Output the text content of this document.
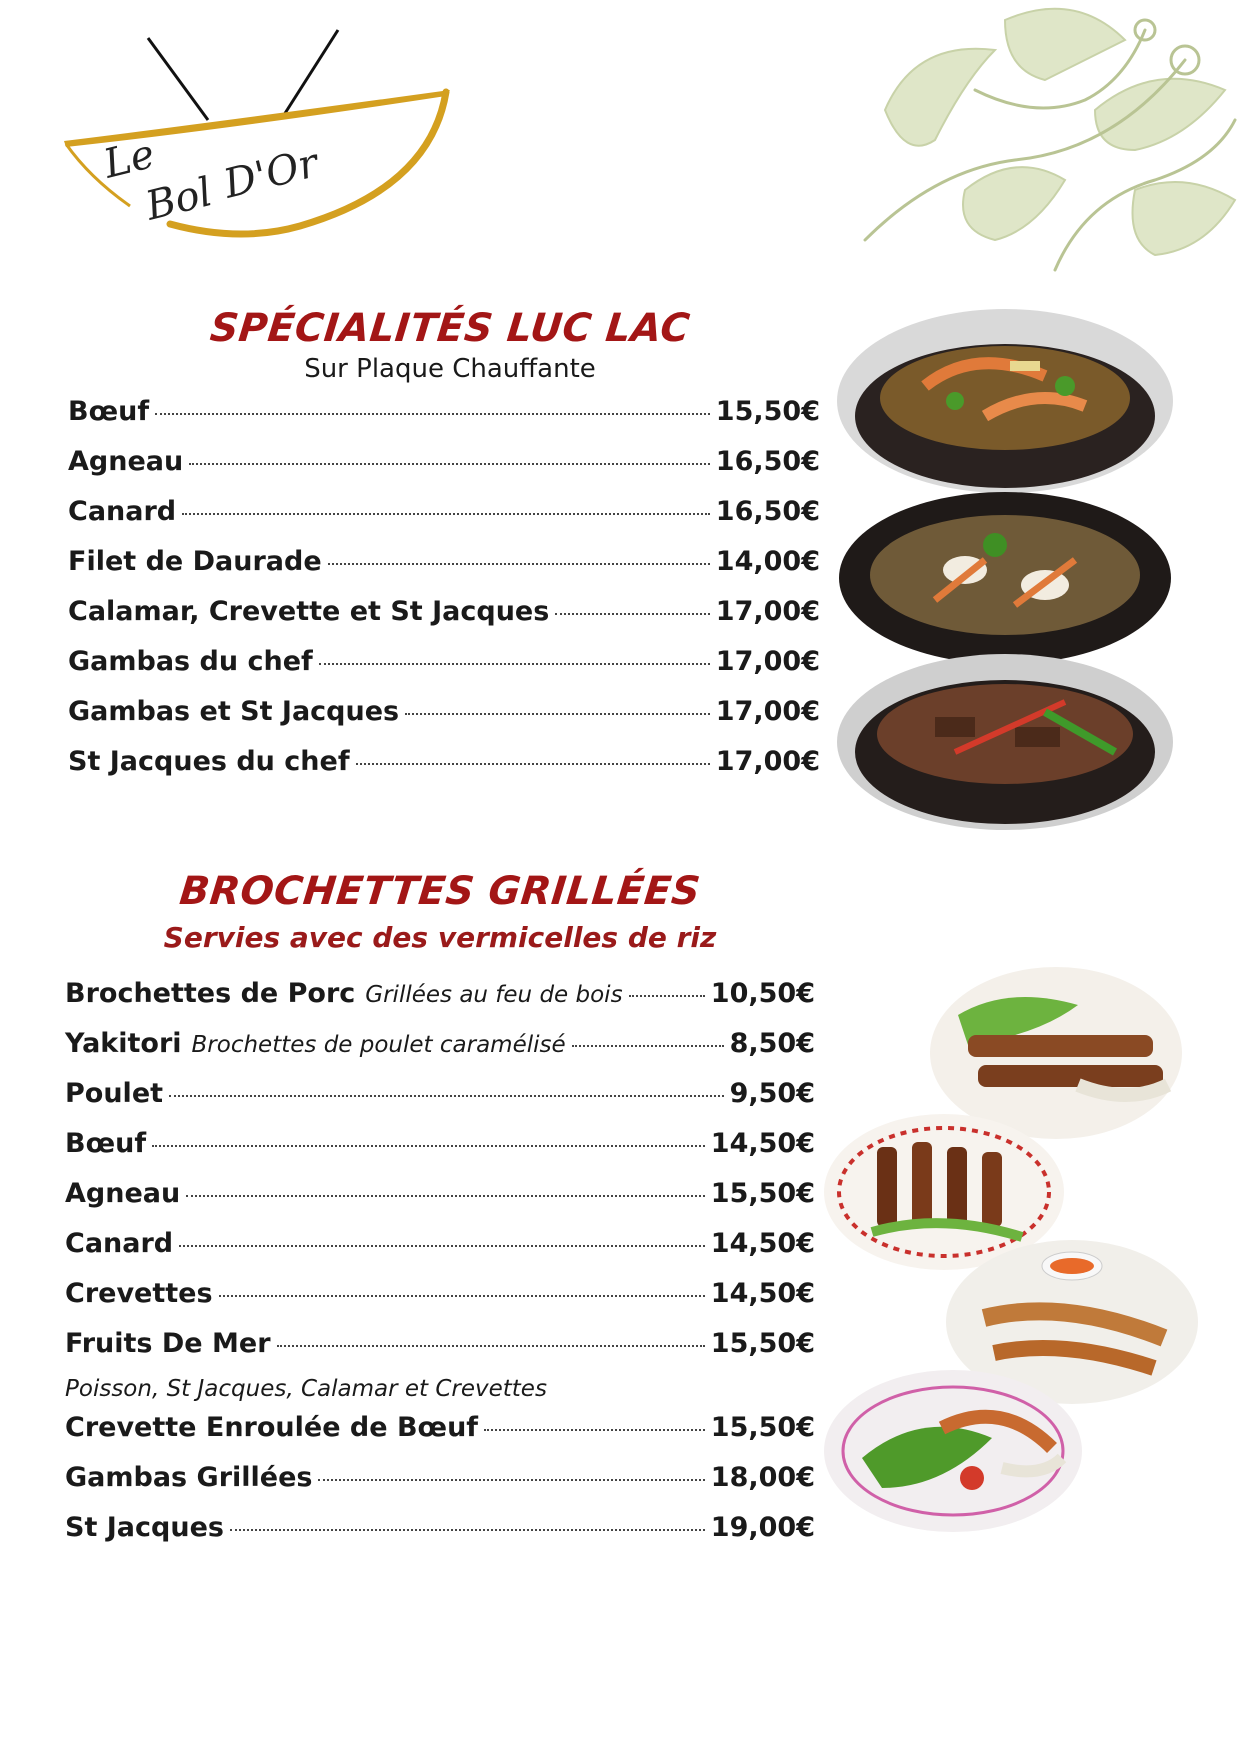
Le
Bol D'Or
SPÉCIALITÉS LUC LAC

Sur Plaque Chauffante

Bœuf	15,50€
Agneau	16,50€
Canard	16,50€
Filet de Daurade	14,00€
Calamar, Crevette et St Jacques	17,00€
Gambas du chef	17,00€
Gambas et St Jacques	17,00€
St Jacques du chef	17,00€
BROCHETTES GRILLÉES

Servies avec des vermicelles de riz

Brochettes de Porc Grillées au feu de bois	10,50€
Yakitori Brochettes de poulet caramélisé	8,50€
Poulet	9,50€
Bœuf	14,50€
Agneau	15,50€
Canard	14,50€
Crevettes	14,50€
Fruits De Mer	15,50€
Poisson, St Jacques, Calamar et Crevettes
Crevette Enroulée de Bœuf	15,50€
Gambas Grillées	18,00€
St Jacques	19,00€
